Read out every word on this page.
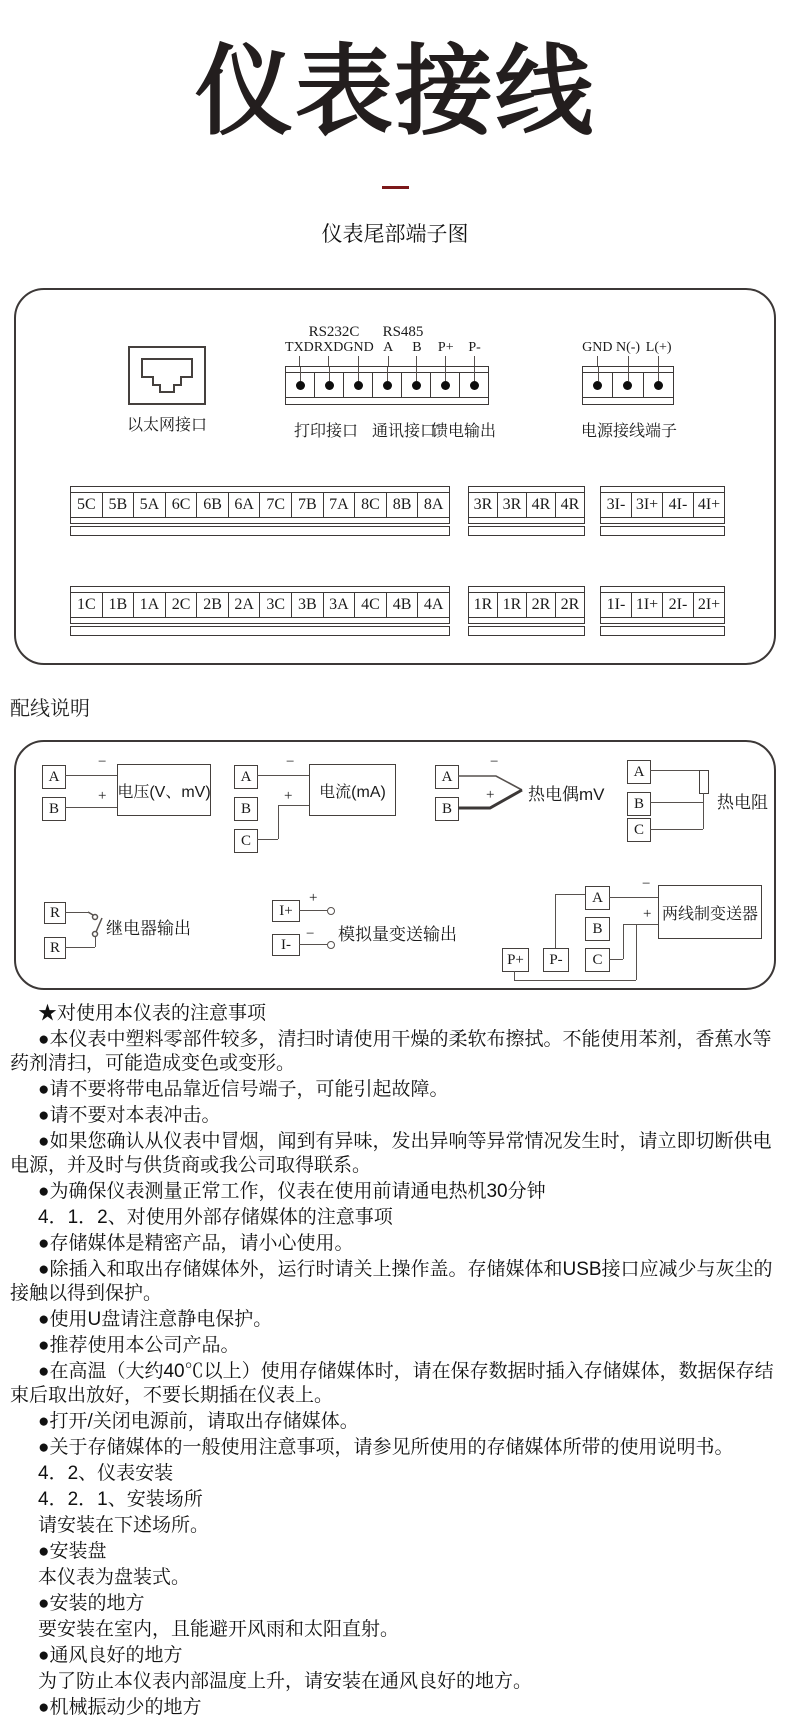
仪表接线
仪表尾部端子图
以太网接口
RS232C RS485
TXD RXD GND A B P+ P-	GND N(-) L(+)
打印接口 通讯接口
馈电输出	电源接线端子
5C 5B 5A 6C 6B 6A 7C 7B 7A 8C 8B 8A	3R 3R 4R 4R	3I- 3I+ 4I- 4I+
1C 1B 1A 2C 2B 2A 3C 3B 3A 4C 4B 4A	1R 1R 2R 2R	1I- 1I+ 2I- 2I+
配线说明
A
B
−
+ 电压(V、mV)
A
B
C
−
+	电流(mA)
A
B
−
+ 热电偶mV
A
B
C
热电阻
R
R
继电器输出
I+
I-
+
− 模拟量变送输出
A
B
C
P+	P-
−
+ 两线制变送器

★对使用本仪表的注意事项

●本仪表中塑料零部件较多，清扫时请使用干燥的柔软布擦拭。不能使用苯剂，香蕉水等药剂清扫，可能造成变色或变形。

●请不要将带电品靠近信号端子，可能引起故障。

●请不要对本表冲击。

●如果您确认从仪表中冒烟，闻到有异味，发出异响等异常情况发生时，请立即切断供电电源，并及时与供货商或我公司取得联系。

●为确保仪表测量正常工作，仪表在使用前请通电热机30分钟

4．1．2、对使用外部存储媒体的注意事项

●存储媒体是精密产品，请小心使用。

●除插入和取出存储媒体外，运行时请关上操作盖。存储媒体和USB接口应减少与灰尘的接触以得到保护。

●使用U盘请注意静电保护。

●推荐使用本公司产品。

●在高温（大约40℃以上）使用存储媒体时，请在保存数据时插入存储媒体，数据保存结束后取出放好，不要长期插在仪表上。

●打开/关闭电源前，请取出存储媒体。

●关于存储媒体的一般使用注意事项，请参见所使用的存储媒体所带的使用说明书。

4．2、仪表安装

4．2．1、安装场所

请安装在下述场所。

●安装盘

本仪表为盘装式。

●安装的地方

要安装在室内，且能避开风雨和太阳直射。

●通风良好的地方

为了防止本仪表内部温度上升，请安装在通风良好的地方。

●机械振动少的地方
